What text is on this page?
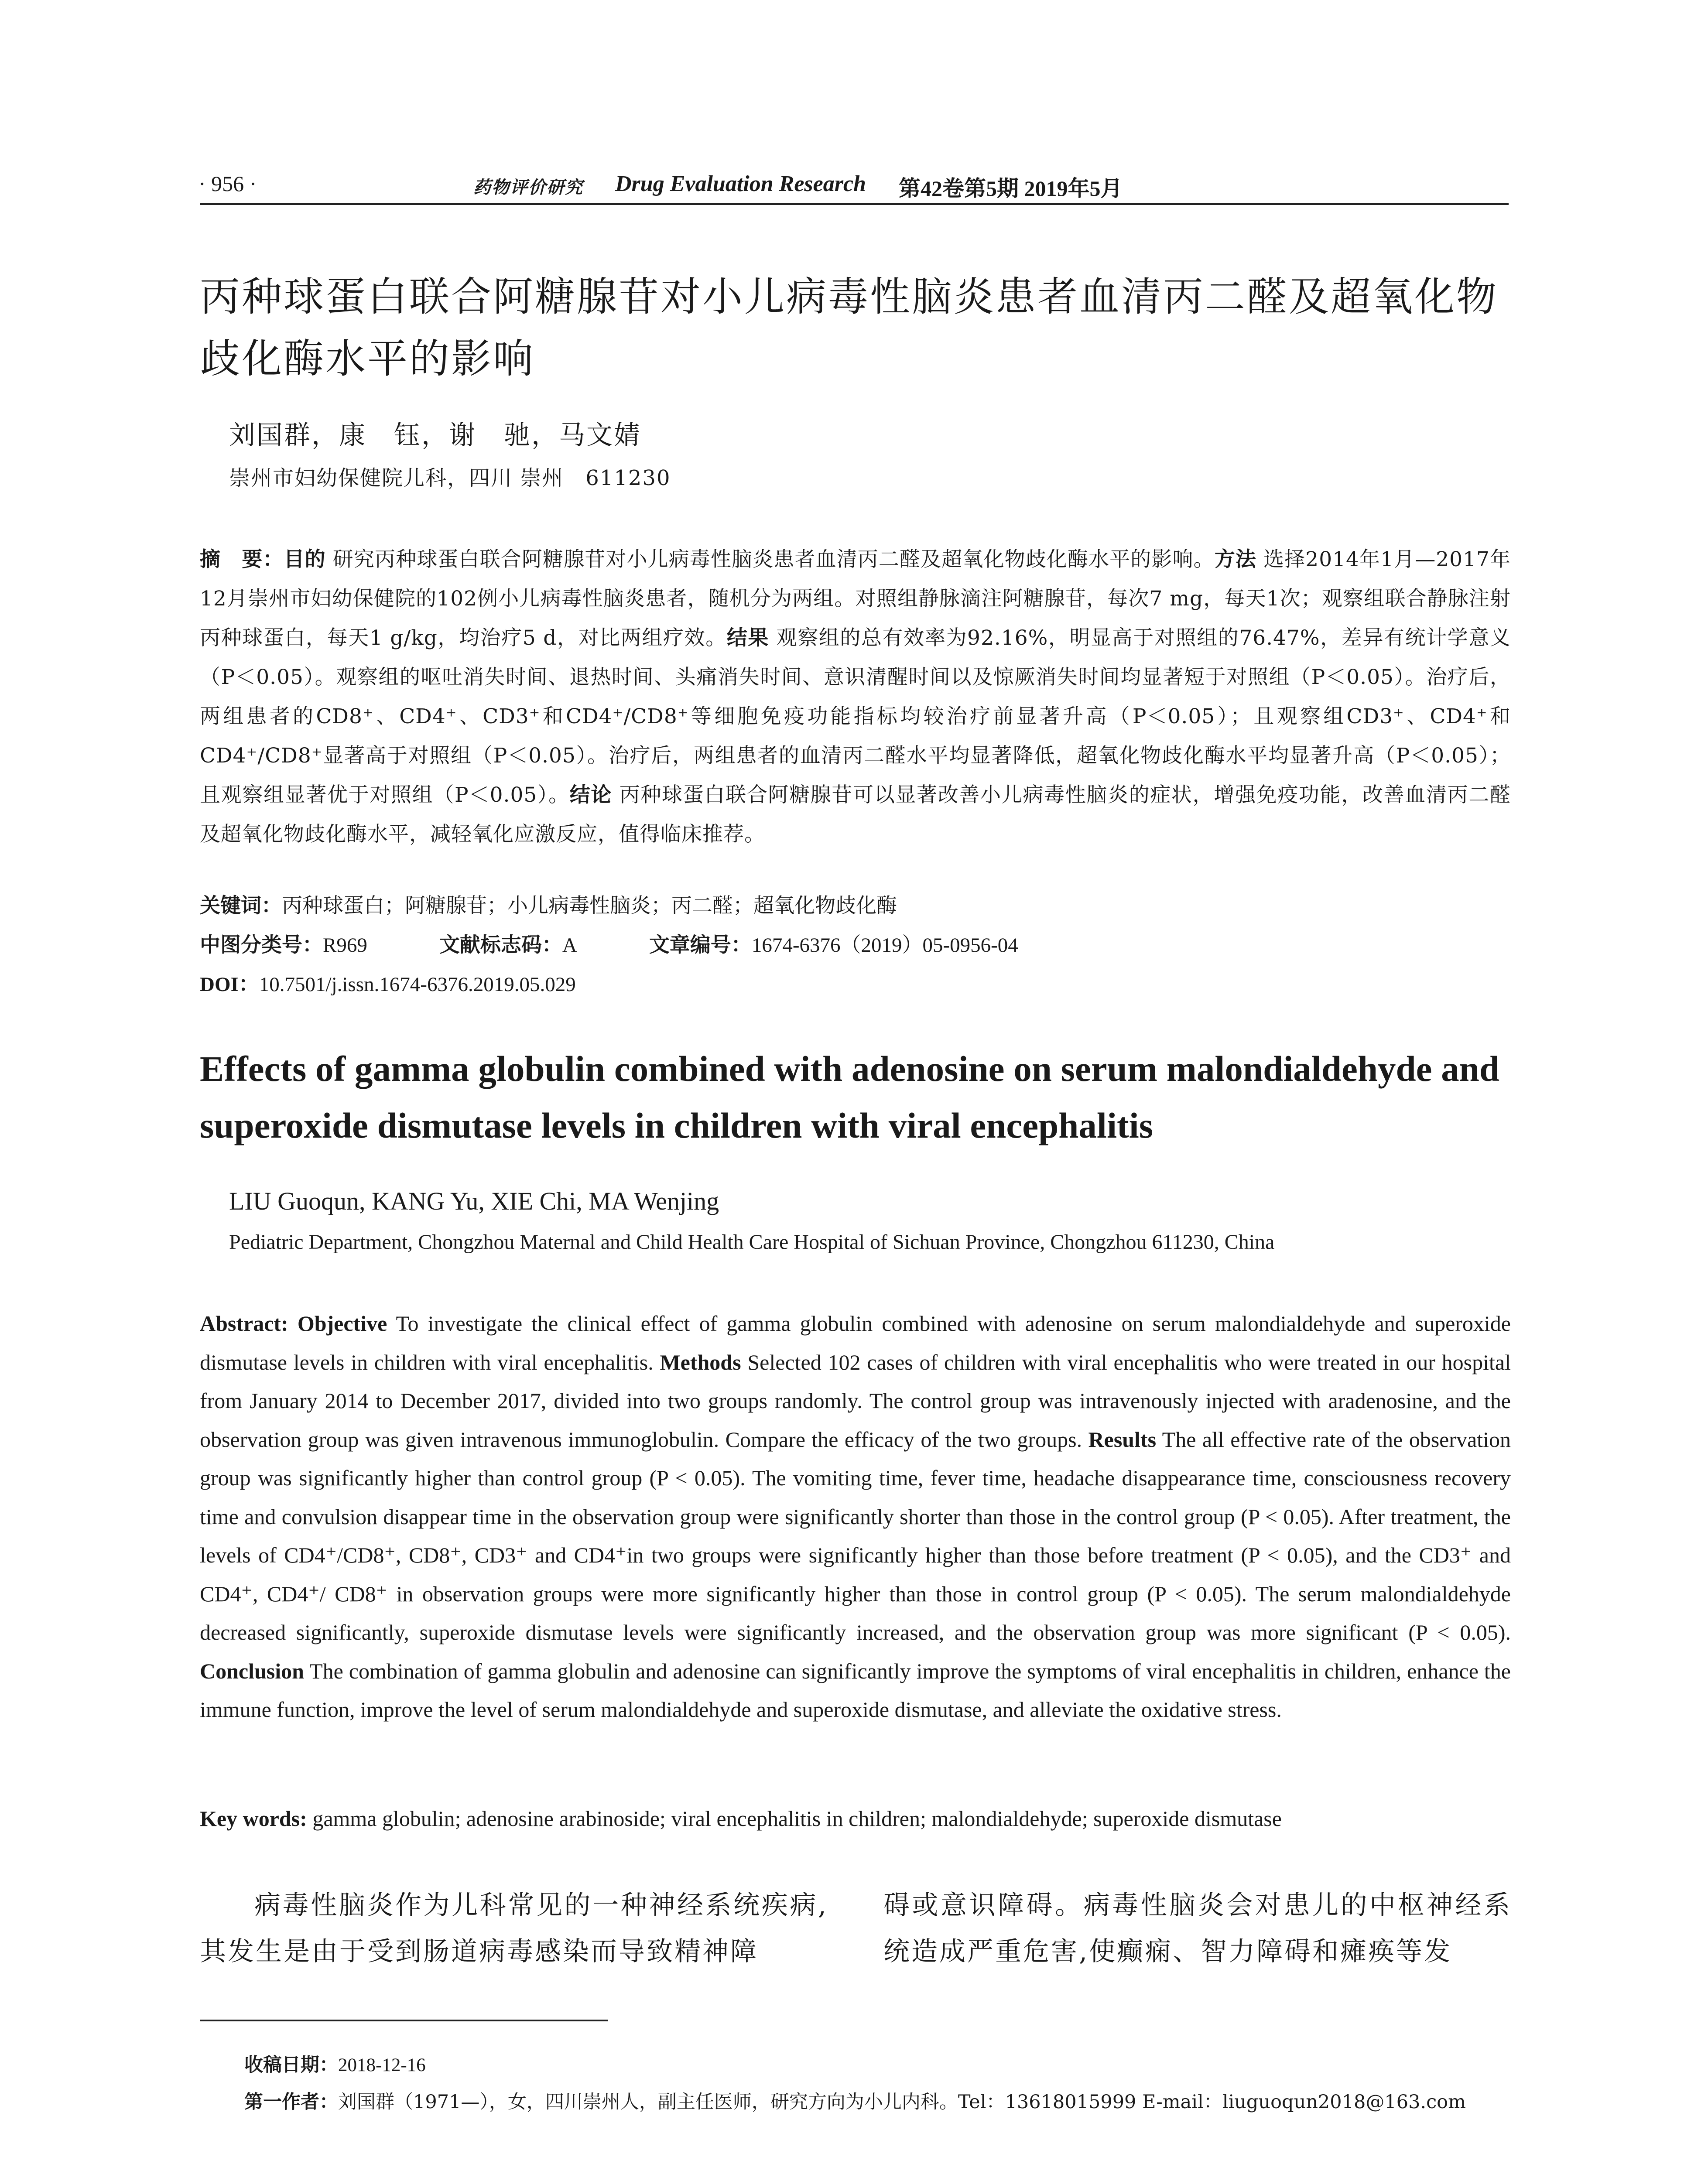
· 956 ·	药物评价研究 Drug Evaluation Research 第42卷第5期 2019年5月
丙种球蛋白联合阿糖腺苷对小儿病毒性脑炎患者血清丙二醛及超氧化物歧化酶水平的影响
刘国群，康　钰，谢　驰，马文婧
崇州市妇幼保健院儿科，四川 崇州　611230
摘　要：目的 研究丙种球蛋白联合阿糖腺苷对小儿病毒性脑炎患者血清丙二醛及超氧化物歧化酶水平的影响。方法 选择2014年1月—2017年12月崇州市妇幼保健院的102例小儿病毒性脑炎患者，随机分为两组。对照组静脉滴注阿糖腺苷，每次7 mg，每天1次；观察组联合静脉注射丙种球蛋白，每天1 g/kg，均治疗5 d，对比两组疗效。结果 观察组的总有效率为92.16%，明显高于对照组的76.47%，差异有统计学意义（P＜0.05）。观察组的呕吐消失时间、退热时间、头痛消失时间、意识清醒时间以及惊厥消失时间均显著短于对照组（P＜0.05）。治疗后，两组患者的CD8⁺、CD4⁺、CD3⁺和CD4⁺/CD8⁺等细胞免疫功能指标均较治疗前显著升高（P＜0.05）；且观察组CD3⁺、CD4⁺和CD4⁺/CD8⁺显著高于对照组（P＜0.05）。治疗后，两组患者的血清丙二醛水平均显著降低，超氧化物歧化酶水平均显著升高（P＜0.05）；且观察组显著优于对照组（P＜0.05）。结论 丙种球蛋白联合阿糖腺苷可以显著改善小儿病毒性脑炎的症状，增强免疫功能，改善血清丙二醛及超氧化物歧化酶水平，减轻氧化应激反应，值得临床推荐。
关键词：丙种球蛋白；阿糖腺苷；小儿病毒性脑炎；丙二醛；超氧化物歧化酶
中图分类号：R969	文献标志码：A	文章编号：1674-6376（2019）05-0956-04
DOI：10.7501/j.issn.1674-6376.2019.05.029
Effects of gamma globulin combined with adenosine on serum malondialdehyde and superoxide dismutase levels in children with viral encephalitis
LIU Guoqun, KANG Yu, XIE Chi, MA Wenjing
Pediatric Department, Chongzhou Maternal and Child Health Care Hospital of Sichuan Province, Chongzhou 611230, China
Abstract: Objective To investigate the clinical effect of gamma globulin combined with adenosine on serum malondialdehyde and superoxide dismutase levels in children with viral encephalitis. Methods Selected 102 cases of children with viral encephalitis who were treated in our hospital from January 2014 to December 2017, divided into two groups randomly. The control group was intravenously injected with aradenosine, and the observation group was given intravenous immunoglobulin. Compare the efficacy of the two groups. Results The all effective rate of the observation group was significantly higher than control group (P < 0.05). The vomiting time, fever time, headache disappearance time, consciousness recovery time and convulsion disappear time in the observation group were significantly shorter than those in the control group (P < 0.05). After treatment, the levels of CD4⁺/CD8⁺, CD8⁺, CD3⁺ and CD4⁺in two groups were significantly higher than those before treatment (P < 0.05), and the CD3⁺ and CD4⁺, CD4⁺/ CD8⁺ in observation groups were more significantly higher than those in control group (P < 0.05). The serum malondialdehyde decreased significantly, superoxide dismutase levels were significantly increased, and the observation group was more significant (P < 0.05). Conclusion The combination of gamma globulin and adenosine can significantly improve the symptoms of viral encephalitis in children, enhance the immune function, improve the level of serum malondialdehyde and superoxide dismutase, and alleviate the oxidative stress.
Key words: gamma globulin; adenosine arabinoside; viral encephalitis in children; malondialdehyde; superoxide dismutase
病毒性脑炎作为儿科常见的一种神经系统疾病,其发生是由于受到肠道病毒感染而导致精神障
碍或意识障碍。病毒性脑炎会对患儿的中枢神经系统造成严重危害,使癫痫、智力障碍和瘫痪等发
收稿日期：2018-12-16
第一作者：刘国群（1971—），女，四川崇州人，副主任医师，研究方向为小儿内科。Tel：13618015999 E-mail：liuguoqun2018@163.com
